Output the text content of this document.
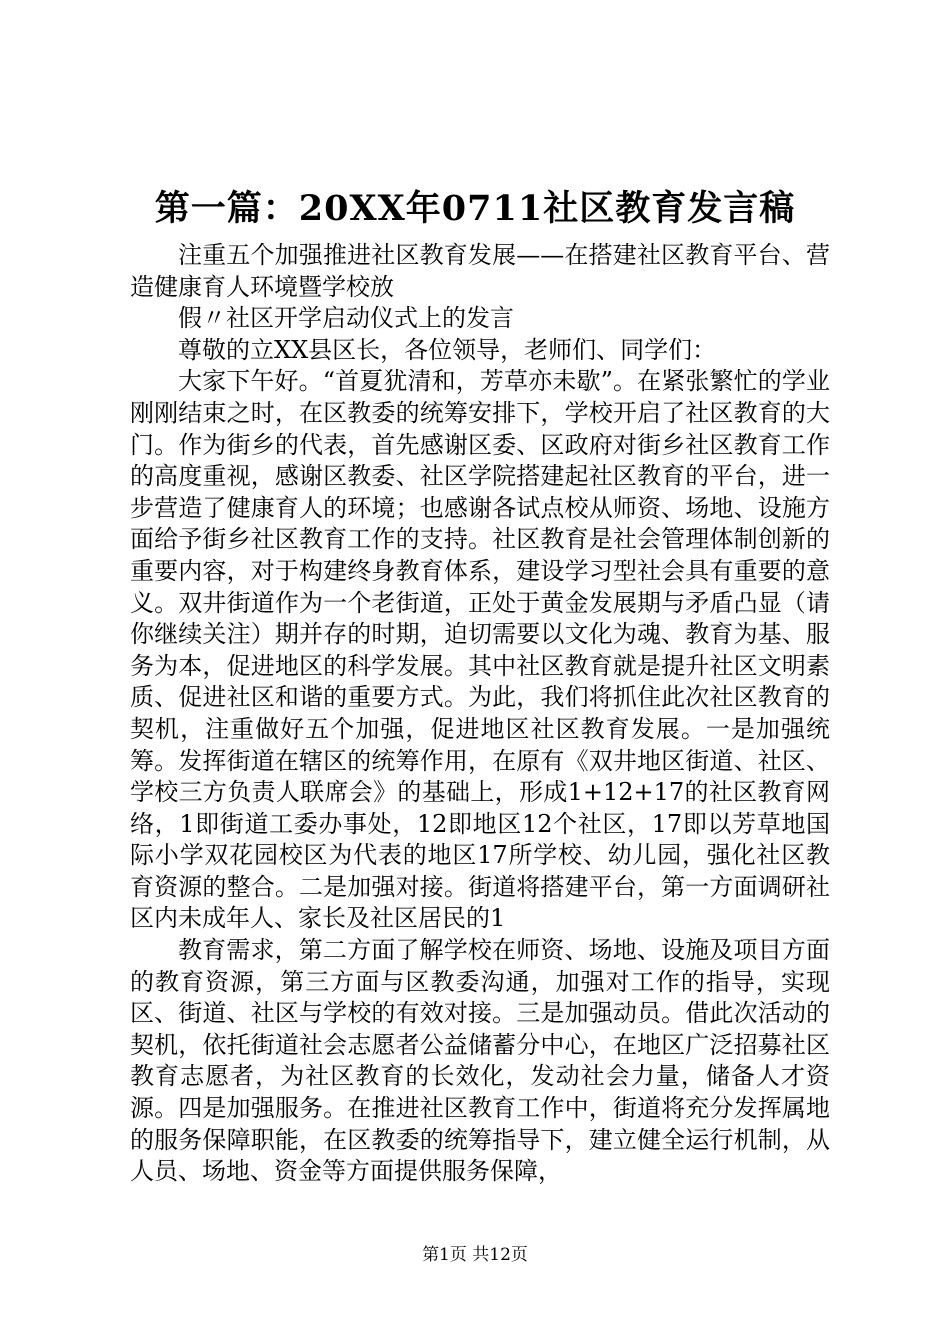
第一篇：20XX年0711社区教育发言稿

注重五个加强推进社区教育发展——在搭建社区教育平台、营造健康育人环境暨学校放

假〃社区开学启动仪式上的发言

尊敬的立XX县区长，各位领导，老师们、同学们：

大家下午好。“首夏犹清和，芳草亦未歇”。在紧张繁忙的学业刚刚结束之时，在区教委的统筹安排下，学校开启了社区教育的大门。作为街乡的代表，首先感谢区委、区政府对街乡社区教育工作的高度重视，感谢区教委、社区学院搭建起社区教育的平台，进一步营造了健康育人的环境；也感谢各试点校从师资、场地、设施方面给予街乡社区教育工作的支持。社区教育是社会管理体制创新的重要内容，对于构建终身教育体系，建设学习型社会具有重要的意义。双井街道作为一个老街道，正处于黄金发展期与矛盾凸显（请你继续关注）期并存的时期，迫切需要以文化为魂、教育为基、服务为本，促进地区的科学发展。其中社区教育就是提升社区文明素质、促进社区和谐的重要方式。为此，我们将抓住此次社区教育的契机，注重做好五个加强，促进地区社区教育发展。一是加强统筹。发挥街道在辖区的统筹作用，在原有《双井地区街道、社区、学校三方负责人联席会》的基础上，形成1+12+17的社区教育网络，1即街道工委办事处，12即地区12个社区，17即以芳草地国际小学双花园校区为代表的地区17所学校、幼儿园，强化社区教育资源的整合。二是加强对接。街道将搭建平台，第一方面调研社区内未成年人、家长及社区居民的1

教育需求，第二方面了解学校在师资、场地、设施及项目方面的教育资源，第三方面与区教委沟通，加强对工作的指导，实现区、街道、社区与学校的有效对接。三是加强动员。借此次活动的契机，依托街道社会志愿者公益储蓄分中心，在地区广泛招募社区教育志愿者，为社区教育的长效化，发动社会力量，储备人才资源。四是加强服务。在推进社区教育工作中，街道将充分发挥属地的服务保障职能，在区教委的统筹指导下，建立健全运行机制，从人员、场地、资金等方面提供服务保障，

第1页 共12页
